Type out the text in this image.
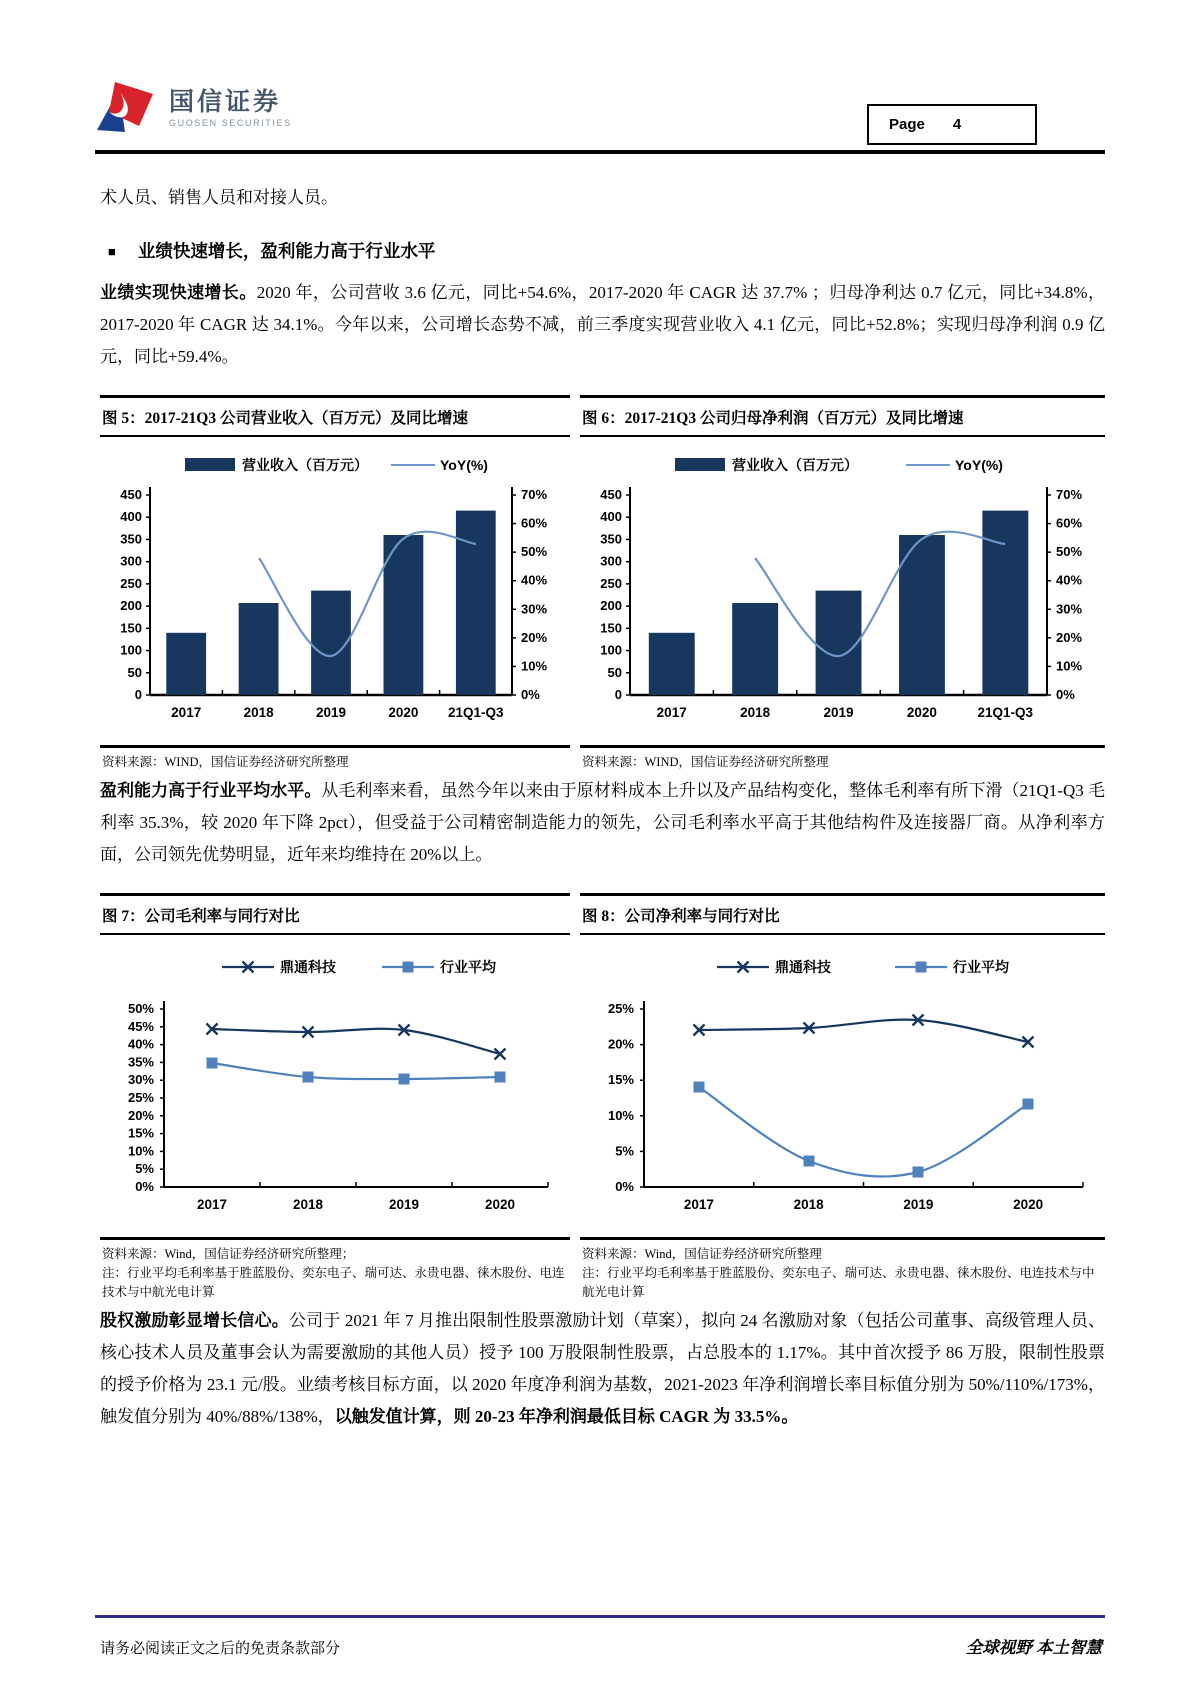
国信证券
GUOSEN SECURITIES	Page 4

术人员、销售人员和对接人员。

■ 业绩快速增长，盈利能力高于行业水平

业绩实现快速增长。2020 年，公司营收 3.6 亿元，同比+54.6%，2017-2020 年 CAGR 达 37.7% ；归母净利达 0.7 亿元，同比+34.8%，2017-2020 年 CAGR 达 34.1%。今年以来，公司增长态势不减，前三季度实现营业收入 4.1 亿元，同比+52.8%；实现归母净利润 0.9 亿元，同比+59.4%。

图 5：2017-21Q3 公司营业收入（百万元）及同比增速
营业收入（百万元）	YoY(%)
0
50
100
150
200
250
300
350
400
450
0%
10%
20%
30%
40%
50%
60%
70%
2017	2018	2019	2020 21Q1-Q3
资料来源：WIND，国信证券经济研究所整理
图 6：2017-21Q3 公司归母净利润（百万元）及同比增速
营业收入（百万元）	YoY(%)
0
50
100
150
200
250
300
350
400
450
0%
10%
20%
30%
40%
50%
60%
70%
2017	2018	2019	2020	21Q1-Q3
资料来源：WIND，国信证券经济研究所整理

盈利能力高于行业平均水平。从毛利率来看，虽然今年以来由于原材料成本上升以及产品结构变化，整体毛利率有所下滑（21Q1-Q3 毛利率 35.3%，较 2020 年下降 2pct），但受益于公司精密制造能力的领先，公司毛利率水平高于其他结构件及连接器厂商。从净利率方面，公司领先优势明显，近年来均维持在 20%以上。

图 7：公司毛利率与同行对比
鼎通科技	行业平均
0%
5%
10%
15%
20%
25%
30%
35%
40%
45%
50%
2017	2018	2019	2020
资料来源：Wind，国信证券经济研究所整理；
注：行业平均毛利率基于胜蓝股份、奕东电子、瑞可达、永贵电器、徕木股份、电连技术与中航光电计算
图 8：公司净利率与同行对比
鼎通科技	行业平均
0%
5%
10%
15%
20%
25%
2017	2018	2019	2020
资料来源：Wind，国信证券经济研究所整理
注：行业平均毛利率基于胜蓝股份、奕东电子、瑞可达、永贵电器、徕木股份、电连技术与中航光电计算

股权激励彰显增长信心。公司于 2021 年 7 月推出限制性股票激励计划（草案），拟向 24 名激励对象（包括公司董事、高级管理人员、核心技术人员及董事会认为需要激励的其他人员）授予 100 万股限制性股票，占总股本的 1.17%。其中首次授予 86 万股，限制性股票的授予价格为 23.1 元/股。业绩考核目标方面，以 2020 年度净利润为基数，2021-2023 年净利润增长率目标值分别为 50%/110%/173%，触发值分别为 40%/88%/138%，以触发值计算，则 20-23 年净利润最低目标 CAGR 为 33.5%。

请务必阅读正文之后的免责条款部分	全球视野 本土智慧
